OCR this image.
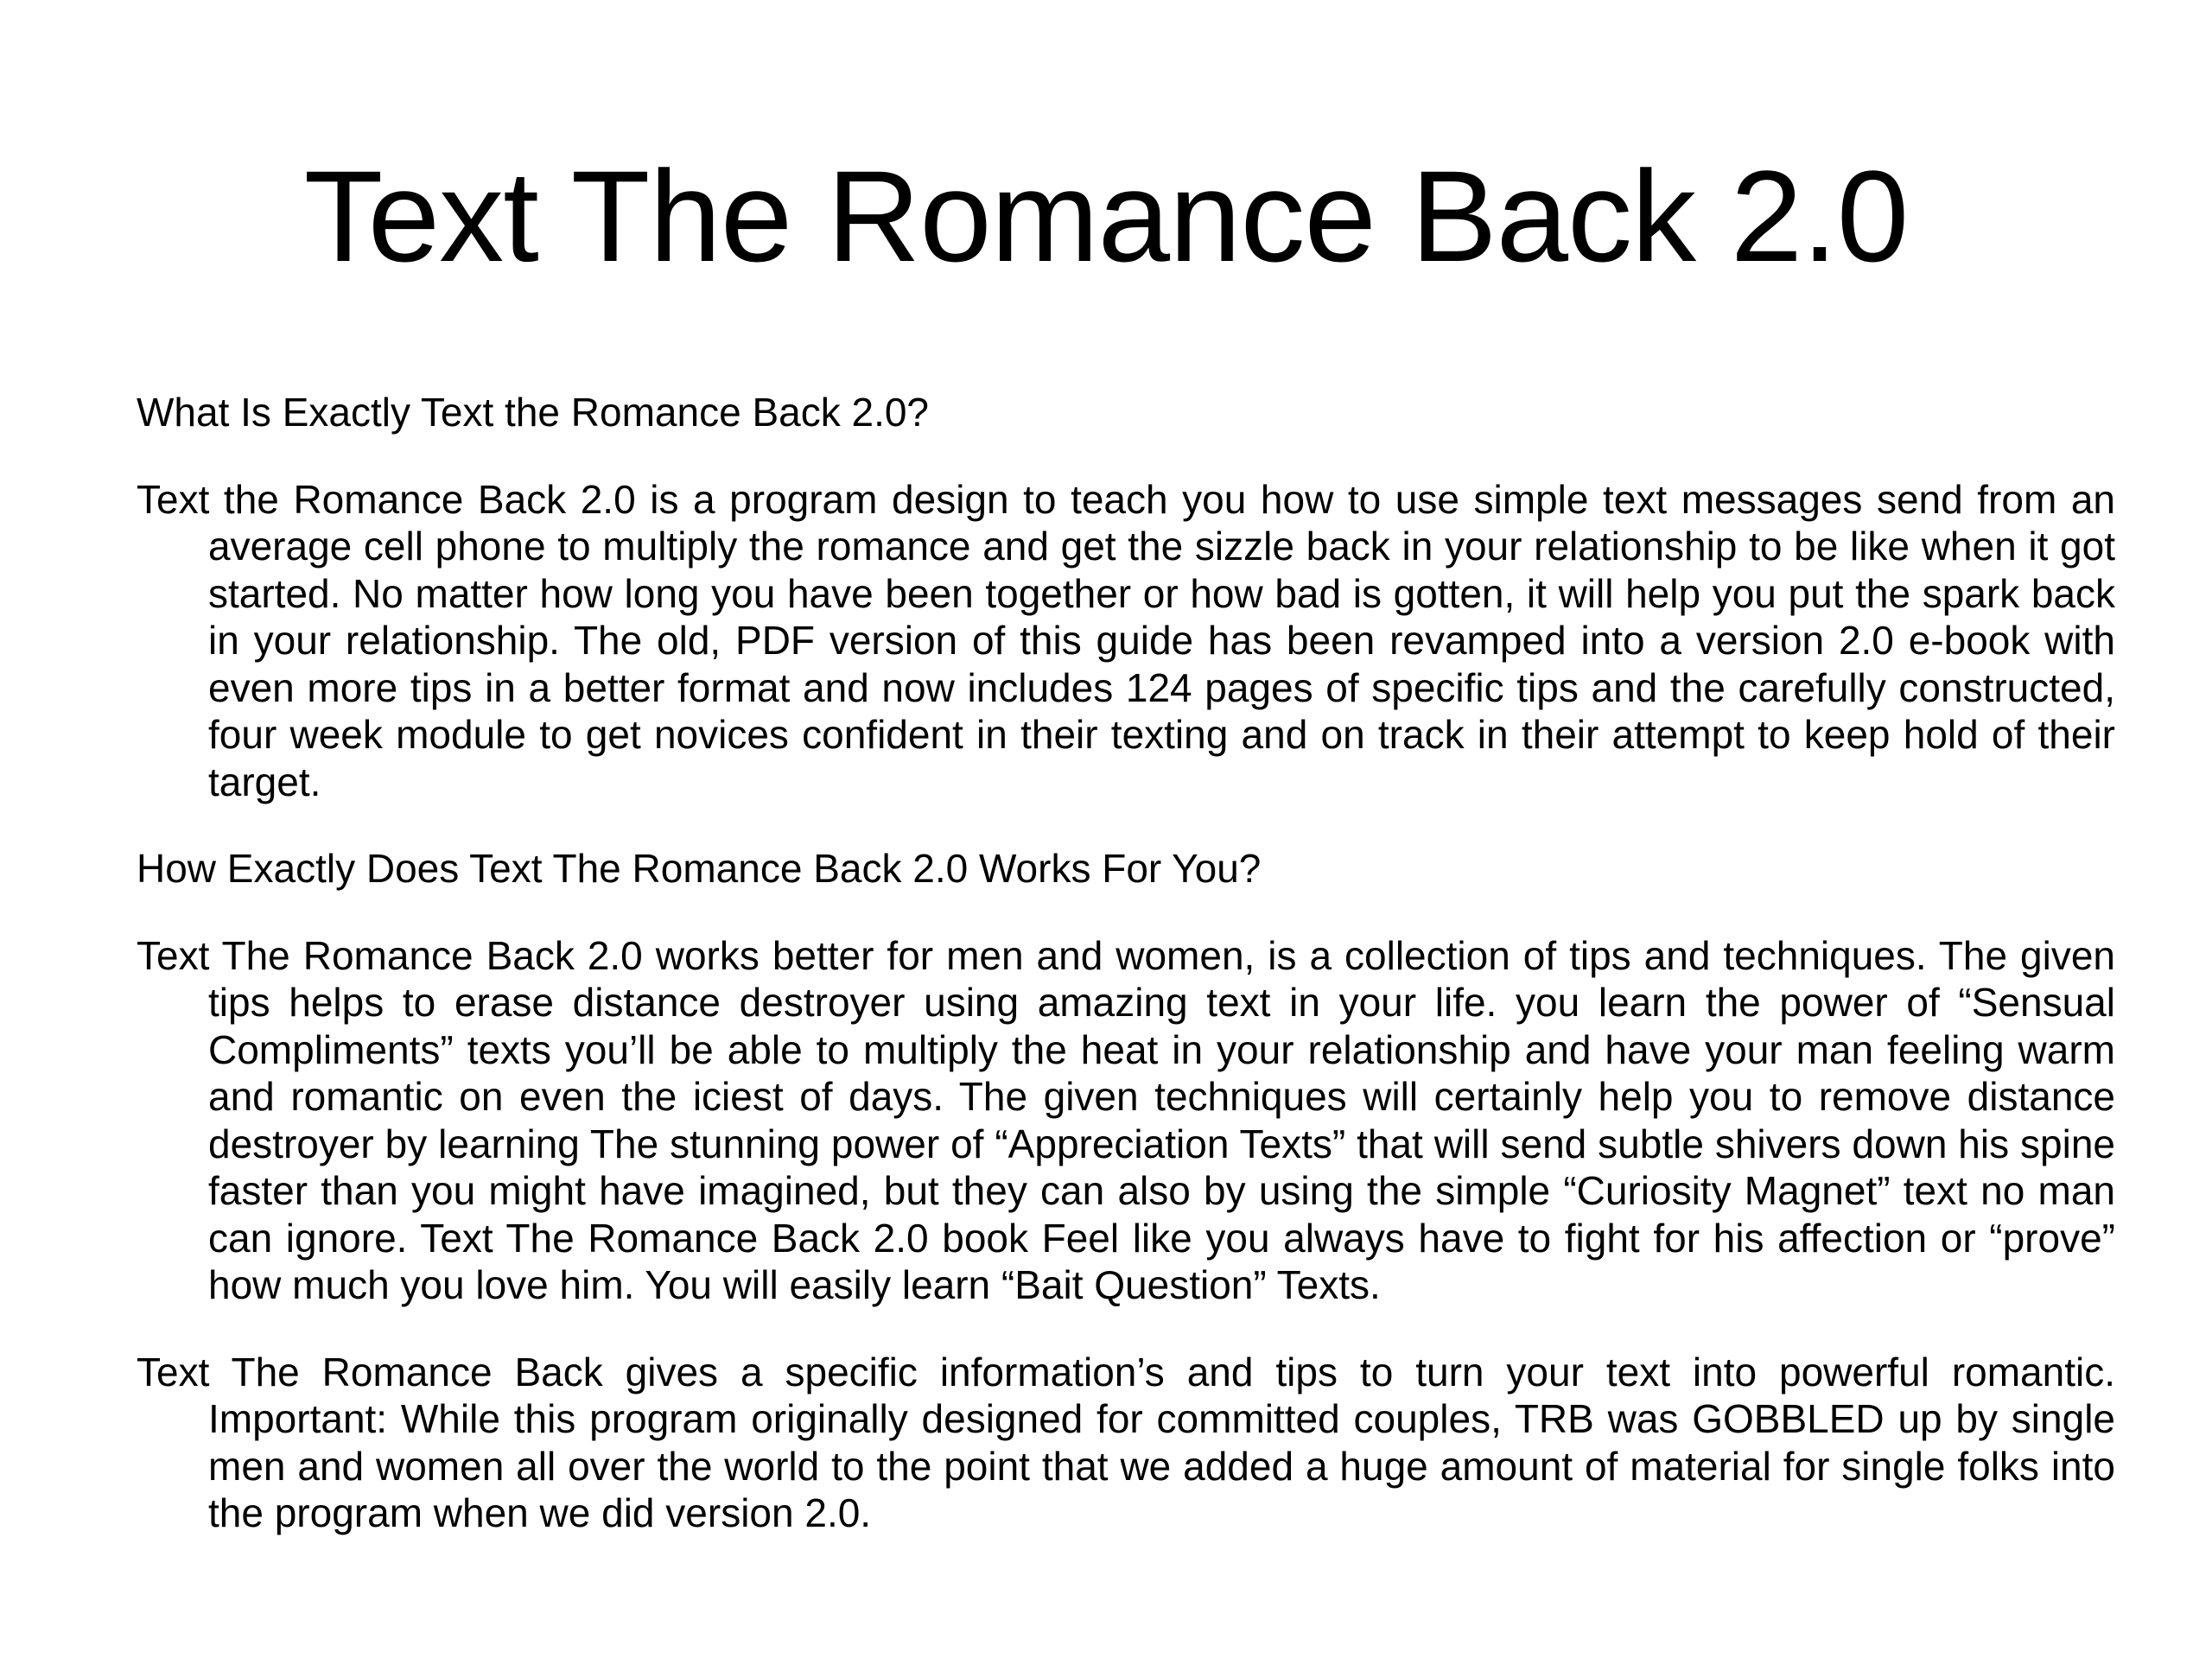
Text The Romance Back 2.0

What Is Exactly Text the Romance Back 2.0?

Text the Romance Back 2.0 is a program design to teach you how to use simple text messages send from an average cell phone to multiply the romance and get the sizzle back in your relationship to be like when it got started. No matter how long you have been together or how bad is gotten, it will help you put the spark back in your relationship. The old, PDF version of this guide has been revamped into a version 2.0 e-book with even more tips in a better format and now includes 124 pages of specific tips and the carefully constructed, four week module to get novices confident in their texting and on track in their attempt to keep hold of their target.

How Exactly Does Text The Romance Back 2.0 Works For You?

Text The Romance Back 2.0 works better for men and women, is a collection of tips and techniques. The given tips helps to erase distance destroyer using amazing text in your life. you learn the power of “Sensual Compliments” texts you’ll be able to multiply the heat in your relationship and have your man feeling warm and romantic on even the iciest of days. The given techniques will certainly help you to remove distance destroyer by learning The stunning power of “Appreciation Texts” that will send subtle shivers down his spine faster than you might have imagined, but they can also by using the simple “Curiosity Magnet” text no man can ignore. Text The Romance Back 2.0 book Feel like you always have to fight for his affection or “prove” how much you love him. You will easily learn “Bait Question” Texts.

Text The Romance Back gives a specific information’s and tips to turn your text into powerful romantic. Important: While this program originally designed for committed couples, TRB was GOBBLED up by single men and women all over the world to the point that we added a huge amount of material for single folks into the program when we did version 2.0.
